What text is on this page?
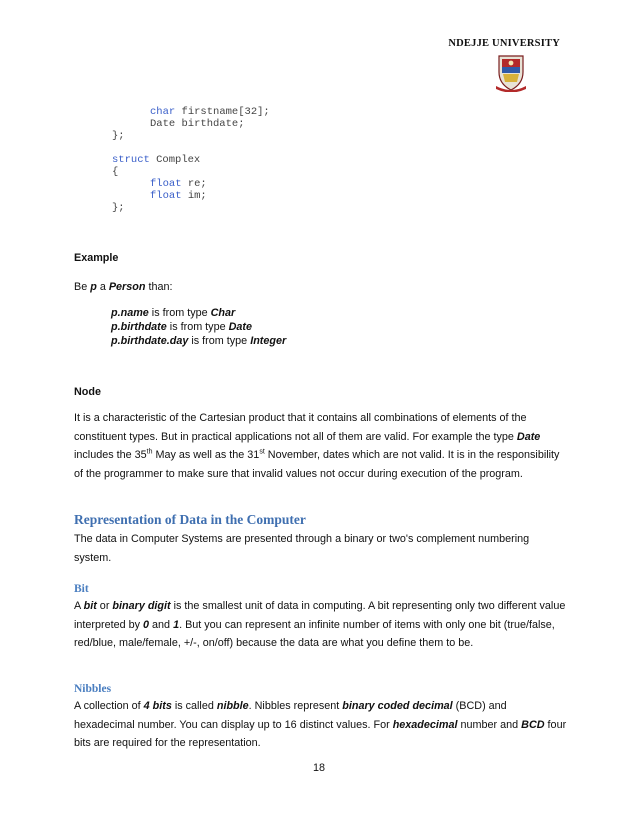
NDEJJE UNIVERSITY
char firstname[32];
Date birthdate;
};
struct Complex
{
float re;
float im;
};
Example
Be p a Person than:
p.name is from type Char
p.birthdate is from type Date
p.birthdate.day is from type Integer
Node
It is a characteristic of the Cartesian product that it contains all combinations of elements of the constituent types. But in practical applications not all of them are valid. For example the type Date includes the 35th May as well as the 31st November, dates which are not valid. It is in the responsibility of the programmer to make sure that invalid values not occur during execution of the program.
Representation of Data in the Computer
The data in Computer Systems are presented through a binary or two's complement numbering system.
Bit
A bit or binary digit is the smallest unit of data in computing. A bit representing only two different value interpreted by 0 and 1. But you can represent an infinite number of items with only one bit (true/false, red/blue, male/female, +/-, on/off) because the data are what you define them to be.
Nibbles
A collection of 4 bits is called nibble. Nibbles represent binary coded decimal (BCD) and hexadecimal number. You can display up to 16 distinct values. For hexadecimal number and BCD four bits are required for the representation.
18
